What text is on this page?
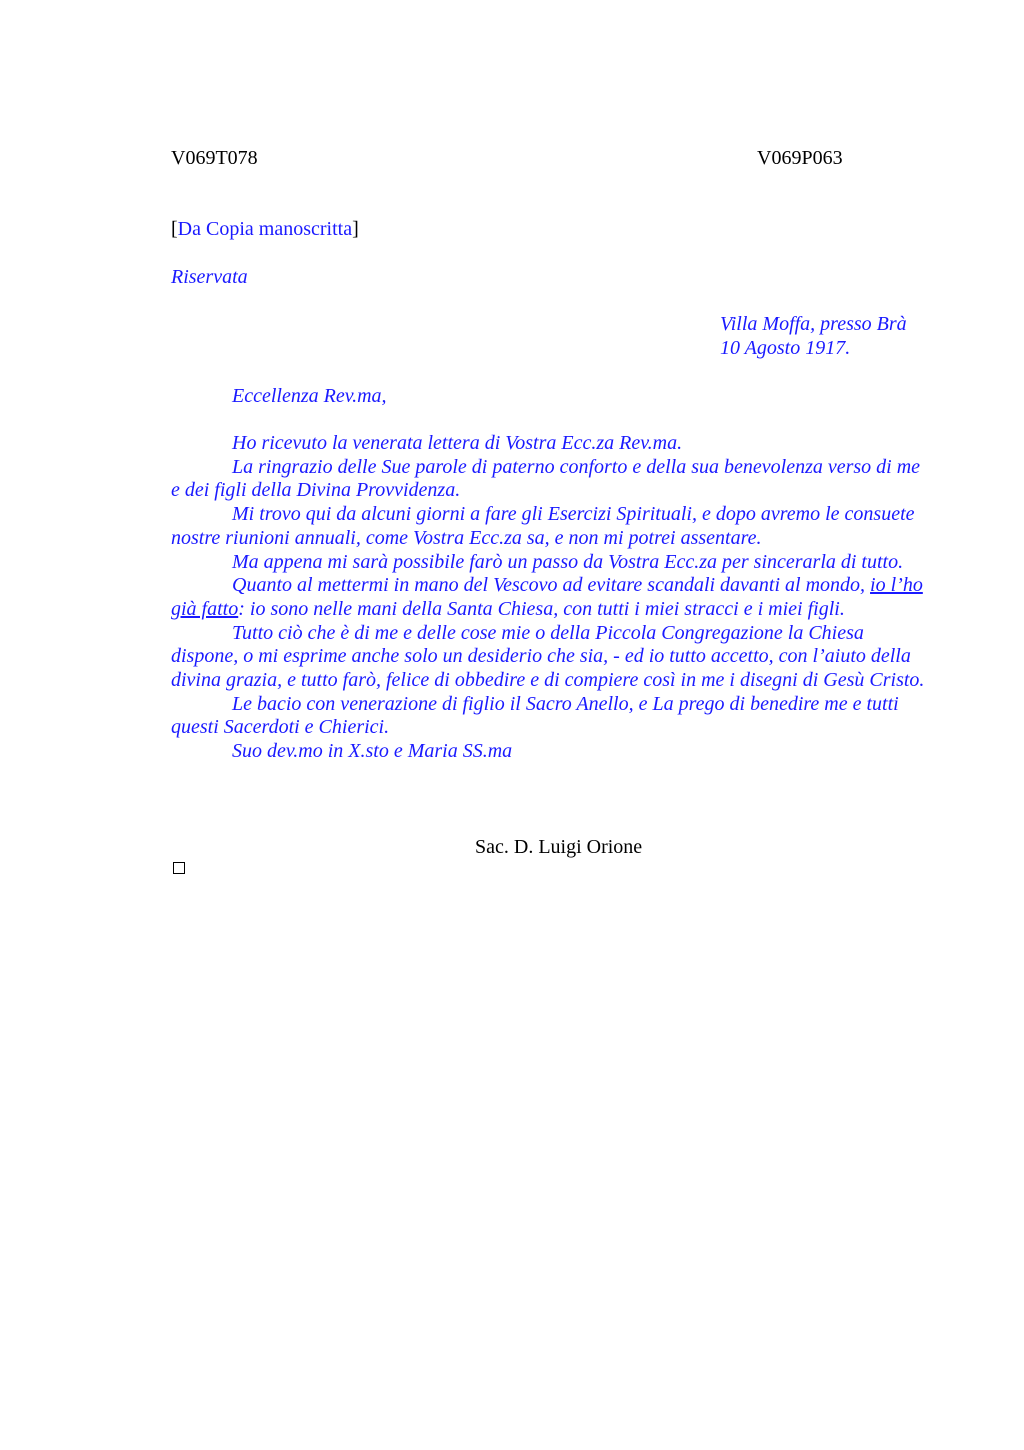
V069T078	V069P063
[Da Copia manoscritta]
Riservata
Villa Moffa, presso Brà
10 Agosto 1917.
Eccellenza Rev.ma,

Ho ricevuto la venerata lettera di Vostra Ecc.za Rev.ma.

La ringrazio delle Sue parole di paterno conforto e della sua benevolenza verso di me e dei figli della Divina Provvidenza.

Mi trovo qui da alcuni giorni a fare gli Esercizi Spirituali, e dopo avremo le consuete nostre riunioni annuali, come Vostra Ecc.za sa, e non mi potrei assentare.

Ma appena mi sarà possibile farò un passo da Vostra Ecc.za per sincerarla di tutto.

Quanto al mettermi in mano del Vescovo ad evitare scandali davanti al mondo, io l’ho già fatto: io sono nelle mani della Santa Chiesa, con tutti i miei stracci e i miei figli.

Tutto ciò che è di me e delle cose mie o della Piccola Congregazione la Chiesa dispone, o mi esprime anche solo un desiderio che sia, - ed io tutto accetto, con l’aiuto della divina grazia, e tutto farò, felice di obbedire e di compiere così in me i disegni di Gesù Cristo.

Le bacio con venerazione di figlio il Sacro Anello, e La prego di benedire me e tutti questi Sacerdoti e Chierici.

Suo dev.mo in X.sto e Maria SS.ma

Sac. D. Luigi Orione
